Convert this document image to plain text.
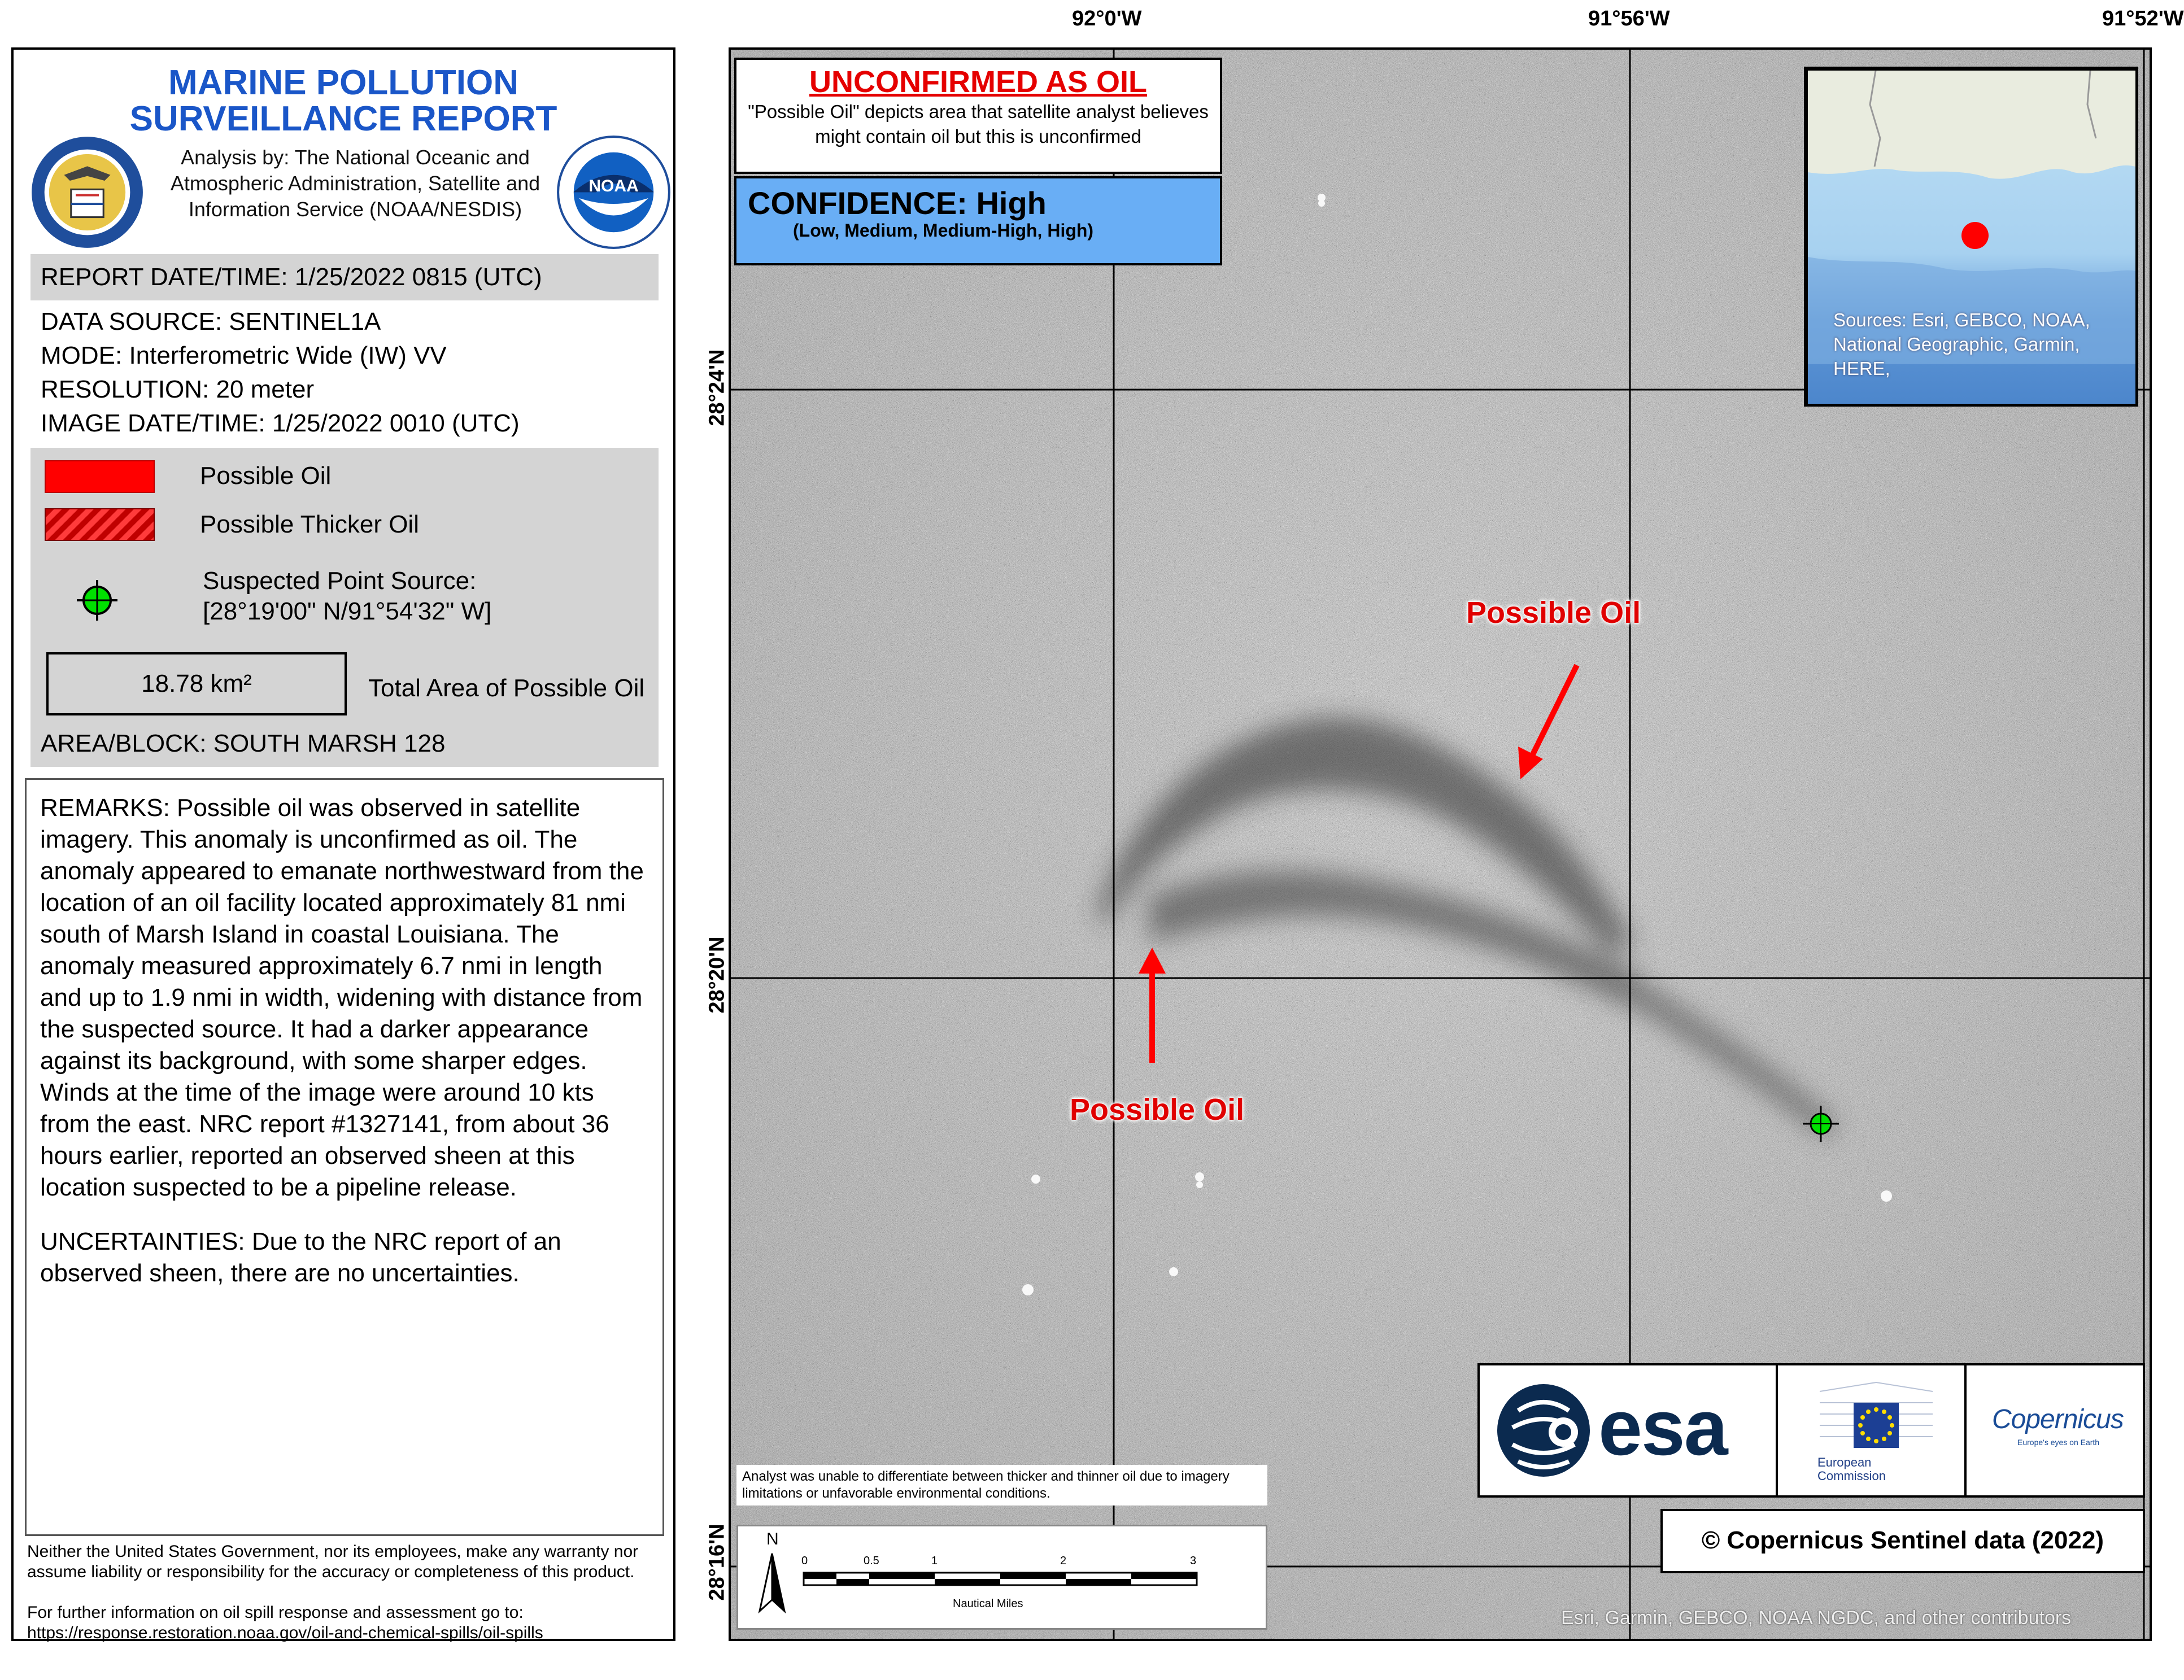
MARINE POLLUTION
SURVEILLANCE REPORT
Analysis by: The National Oceanic and Atmospheric Administration, Satellite and Information Service (NOAA/NESDIS)
NOAA
REPORT DATE/TIME: 1/25/2022 0815 (UTC)
DATA SOURCE: SENTINEL1A
MODE: Interferometric Wide (IW) VV
RESOLUTION: 20 meter
IMAGE DATE/TIME: 1/25/2022 0010 (UTC)
Possible Oil
Possible Thicker Oil
Suspected Point Source:
[28°19'00" N/91°54'32" W]
18.78 km²	Total Area of Possible Oil
AREA/BLOCK: SOUTH MARSH 128

REMARKS: Possible oil was observed in satellite imagery. This anomaly is unconfirmed as oil. The anomaly appeared to emanate northwestward from the location of an oil facility located approximately 81 nmi south of Marsh Island in coastal Louisiana. The anomaly measured approximately 6.7 nmi in length and up to 1.9 nmi in width, widening with distance from the suspected source. It had a darker appearance against its background, with some sharper edges. Winds at the time of the image were around 10 kts from the east. NRC report #1327141, from about 36 hours earlier, reported an observed sheen at this location suspected to be a pipeline release.

UNCERTAINTIES: Due to the NRC report of an observed sheen, there are no uncertainties.

Neither the United States Government, nor its employees, make any warranty nor assume liability or responsibility for the accuracy or completeness of this product.
For further information on oil spill response and assessment go to:
https://response.restoration.noaa.gov/oil-and-chemical-spills/oil-spills
92°0'W	91°56'W	91°52'W
28°24'N
28°20'N
28°16'N
UNCONFIRMED AS OIL
"Possible Oil" depicts area that satellite analyst believes might contain oil but this is unconfirmed
CONFIDENCE: High
(Low, Medium, Medium-High, High)
Sources: Esri, GEBCO, NOAA, National Geographic, Garmin, HERE,
Possible Oil
Possible Oil
esa	European Commission
Copernicus
Europe's eyes on Earth
© Copernicus Sentinel data (2022)
Analyst was unable to differentiate between thicker and thinner oil due to imagery limitations or unfavorable environmental conditions.
N
0	0.5	1	2	3
Nautical Miles
Esri, Garmin, GEBCO, NOAA NGDC, and other contributors
